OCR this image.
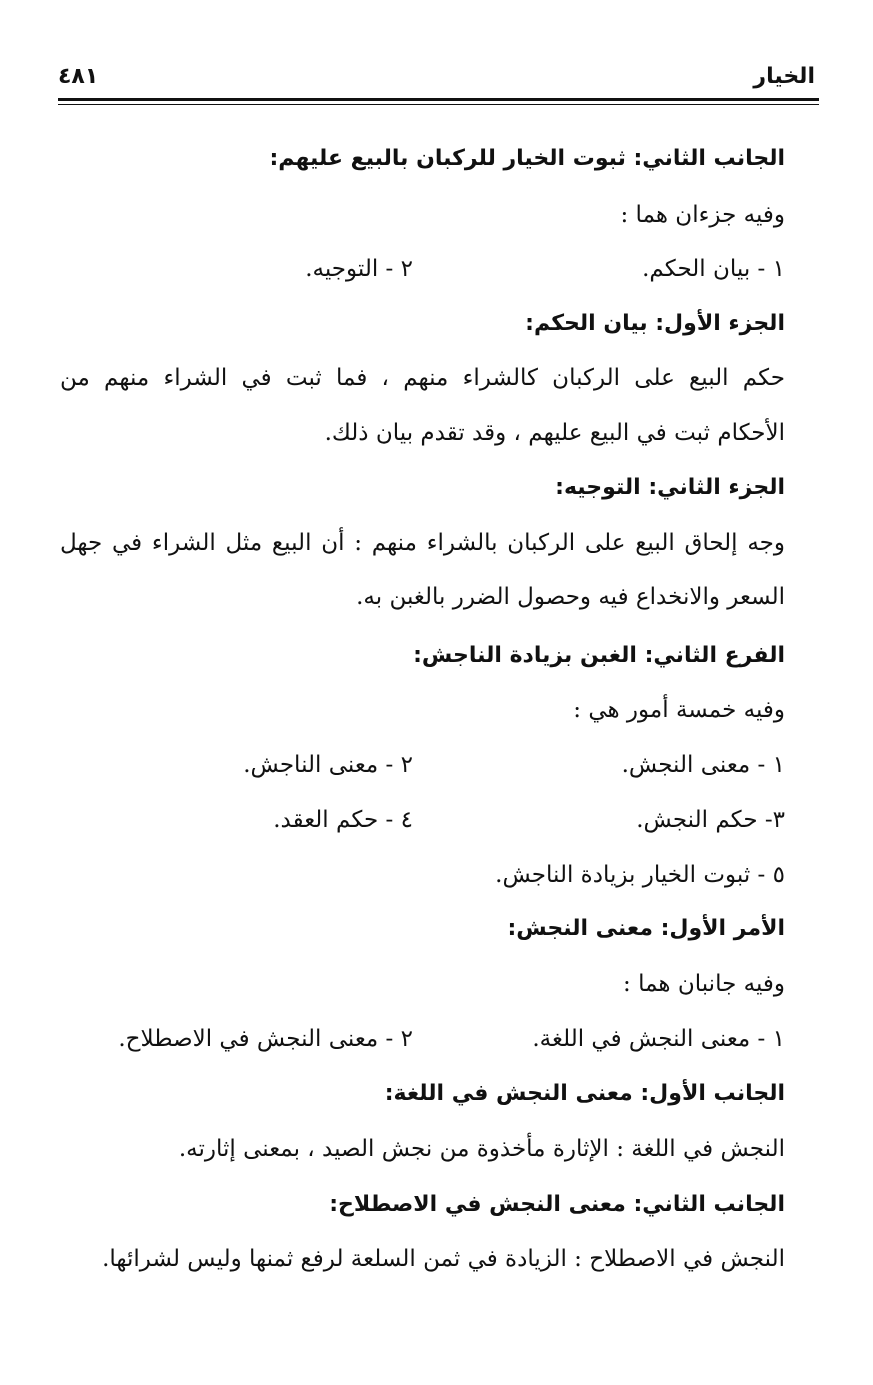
الخيار
٤٨١
الجانب الثاني: ثبوت الخيار للركبان بالبيع عليهم:
وفيه جزءان هما :
١ - بيان الحكم.
٢ - التوجيه.
الجزء الأول: بيان الحكم:
حكم البيع على الركبان كالشراء منهم ، فما ثبت في الشراء منهم من
الأحكام ثبت في البيع عليهم ، وقد تقدم بيان ذلك.
الجزء الثاني: التوجيه:
وجه إلحاق البيع على الركبان بالشراء منهم : أن البيع مثل الشراء في جهل
السعر والانخداع فيه وحصول الضرر بالغبن به.
الفرع الثاني: الغبن بزيادة الناجش:
وفيه خمسة أمور هي :
١ - معنى النجش.
٢ - معنى الناجش.
٣- حكم النجش.
٤ - حكم العقد.
٥ - ثبوت الخيار بزيادة الناجش.
الأمر الأول: معنى النجش:
وفيه جانبان هما :
١ - معنى النجش في اللغة.
٢ - معنى النجش في الاصطلاح.
الجانب الأول: معنى النجش في اللغة:
النجش في اللغة : الإثارة مأخذوة من نجش الصيد ، بمعنى إثارته.
الجانب الثاني: معنى النجش في الاصطلاح:
النجش في الاصطلاح : الزيادة في ثمن السلعة لرفع ثمنها وليس لشرائها.
